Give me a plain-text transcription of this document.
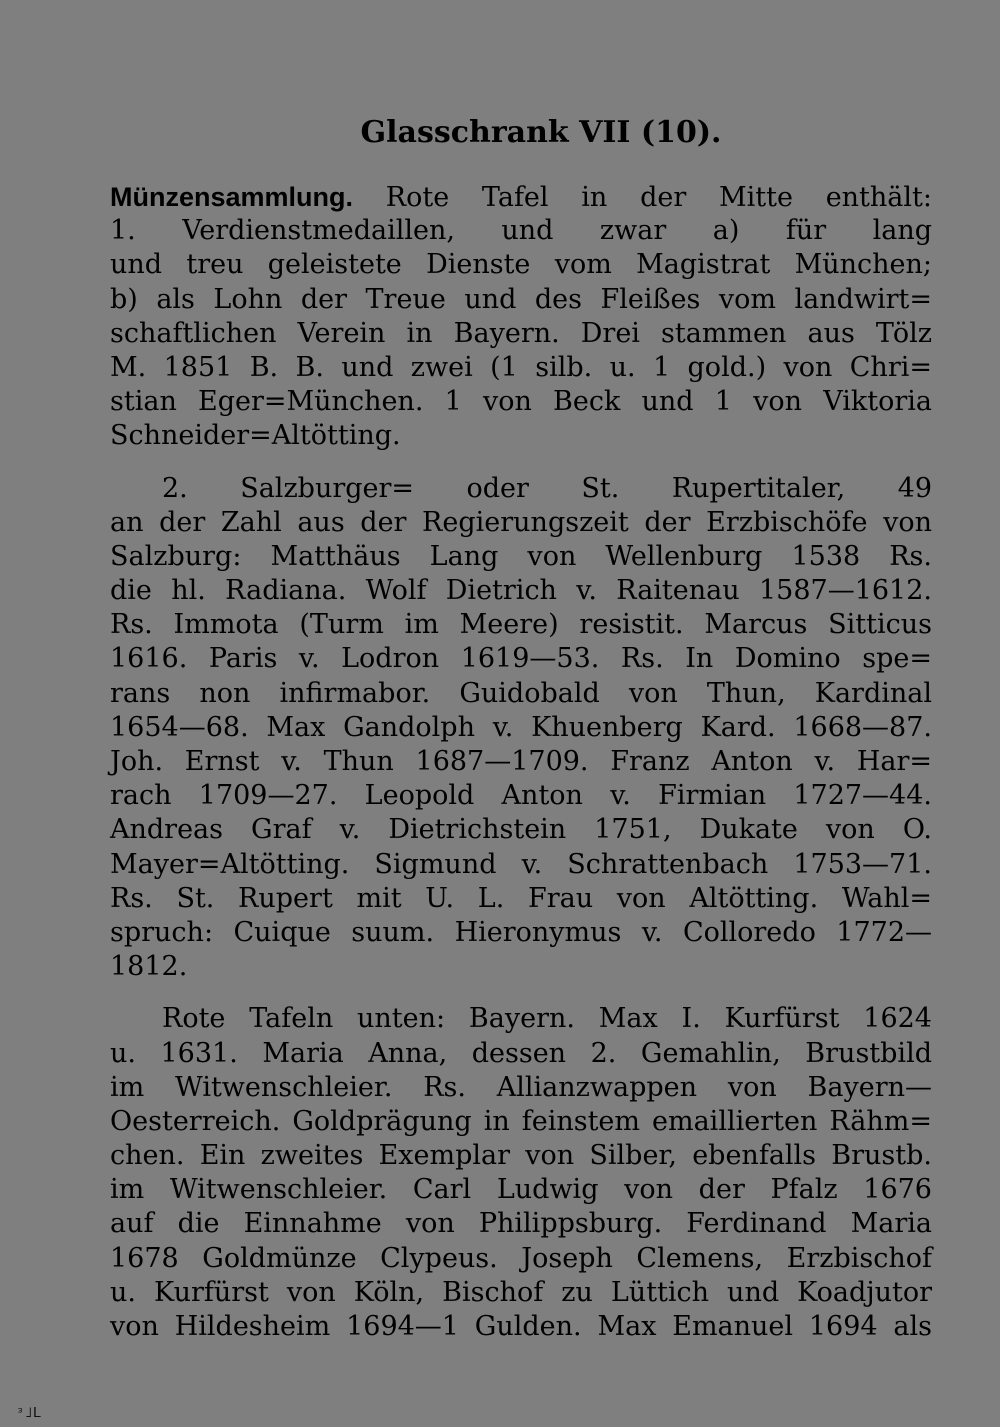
Glasschrank VII (10).
Münzensammlung. Rote Tafel in der Mitte enthält:
1. Verdienstmedaillen, und zwar a) für lang
und treu geleistete Dienste vom Magistrat München;
b) als Lohn der Treue und des Fleißes vom landwirt=
schaftlichen Verein in Bayern. Drei stammen aus Tölz
M. 1851 B. B. und zwei (1 silb. u. 1 gold.) von Chri=
stian Eger=München. 1 von Beck und 1 von Viktoria
Schneider=Altötting.
2. Salzburger= oder St. Rupertitaler, 49
an der Zahl aus der Regierungszeit der Erzbischöfe von
Salzburg: Matthäus Lang von Wellenburg 1538 Rs.
die hl. Radiana. Wolf Dietrich v. Raitenau 1587—1612.
Rs. Immota (Turm im Meere) resistit. Marcus Sitticus
1616. Paris v. Lodron 1619—53. Rs. In Domino spe=
rans non infirmabor. Guidobald von Thun, Kardinal
1654—68. Max Gandolph v. Khuenberg Kard. 1668—87.
Joh. Ernst v. Thun 1687—1709. Franz Anton v. Har=
rach 1709—27. Leopold Anton v. Firmian 1727—44.
Andreas Graf v. Dietrichstein 1751, Dukate von O.
Mayer=Altötting. Sigmund v. Schrattenbach 1753—71.
Rs. St. Rupert mit U. L. Frau von Altötting. Wahl=
spruch: Cuique suum. Hieronymus v. Colloredo 1772—
1812.
Rote Tafeln unten: Bayern. Max I. Kurfürst 1624
u. 1631. Maria Anna, dessen 2. Gemahlin, Brustbild
im Witwenschleier. Rs. Allianzwappen von Bayern—
Oesterreich. Goldprägung in feinstem emaillierten Rähm=
chen. Ein zweites Exemplar von Silber, ebenfalls Brustb.
im Witwenschleier. Carl Ludwig von der Pfalz 1676
auf die Einnahme von Philippsburg. Ferdinand Maria
1678 Goldmünze Clypeus. Joseph Clemens, Erzbischof
u. Kurfürst von Köln, Bischof zu Lüttich und Koadjutor
von Hildesheim 1694—1 Gulden. Max Emanuel 1694 als
ᵌ˩ᒪ
